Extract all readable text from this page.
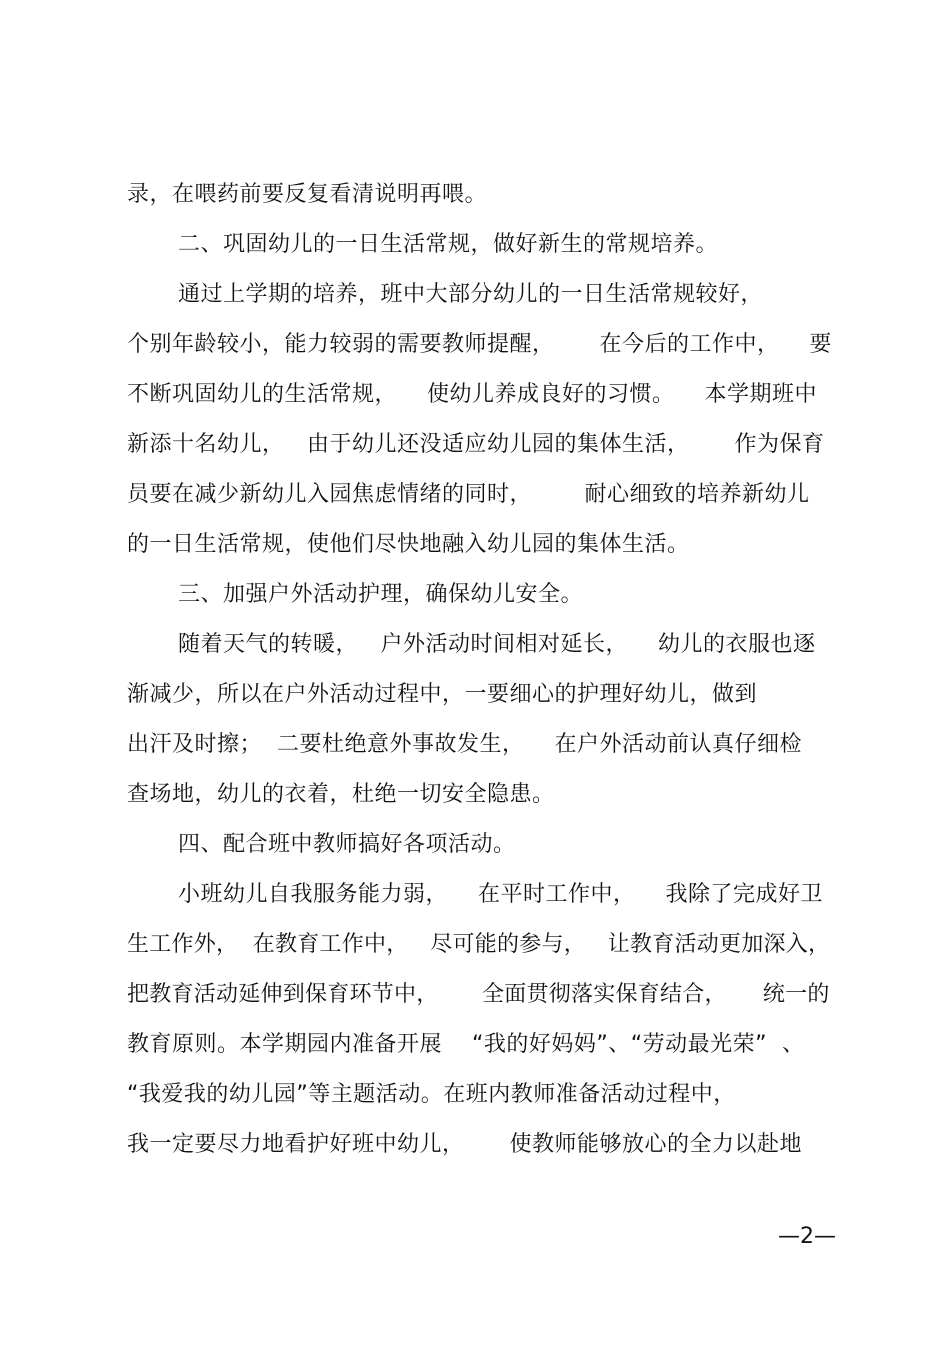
录，在喂药前要反复看清说明再喂。
二、巩固幼儿的一日生活常规，做好新生的常规培养。
通过上学期的培养，班中大部分幼儿的一日生活常规较好，
个别年龄较小，能力较弱的需要教师提醒，      在今后的工作中，    要
不断巩固幼儿的生活常规，    使幼儿养成良好的习惯。    本学期班中
新添十名幼儿，   由于幼儿还没适应幼儿园的集体生活，      作为保育
员要在减少新幼儿入园焦虑情绪的同时，       耐心细致的培养新幼儿
的一日生活常规，使他们尽快地融入幼儿园的集体生活。
三、加强户外活动护理，确保幼儿安全。
随着天气的转暖，   户外活动时间相对延长，    幼儿的衣服也逐
渐减少，所以在户外活动过程中，一要细心的护理好幼儿，做到
出汗及时擦；  二要杜绝意外事故发生，    在户外活动前认真仔细检
查场地，幼儿的衣着，杜绝一切安全隐患。
四、配合班中教师搞好各项活动。
小班幼儿自我服务能力弱，    在平时工作中，    我除了完成好卫
生工作外，  在教育工作中，   尽可能的参与，   让教育活动更加深入，
把教育活动延伸到保育环节中，      全面贯彻落实保育结合，     统一的
教育原则。本学期园内准备开展    “我的好妈妈”、“劳动最光荣”  、
“我爱我的幼儿园”等主题活动。在班内教师准备活动过程中，
我一定要尽力地看护好班中幼儿，      使教师能够放心的全力以赴地
—2—
